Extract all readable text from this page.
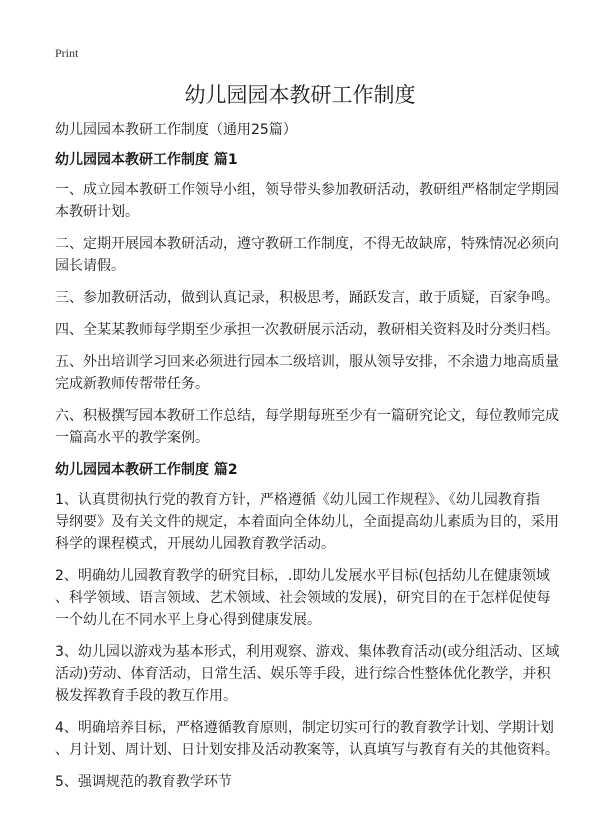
Print
幼儿园园本教研工作制度
幼儿园园本教研工作制度（通用25篇）
幼儿园园本教研工作制度 篇1
一、成立园本教研工作领导小组，领导带头参加教研活动，教研组严格制定学期园
本教研计划。
二、定期开展园本教研活动，遵守教研工作制度，不得无故缺席，特殊情况必须向
园长请假。
三、参加教研活动，做到认真记录，积极思考，踊跃发言，敢于质疑，百家争鸣。
四、全某某教师每学期至少承担一次教研展示活动，教研相关资料及时分类归档。
五、外出培训学习回来必须进行园本二级培训，服从领导安排，不余遗力地高质量
完成新教师传帮带任务。
六、积极撰写园本教研工作总结，每学期每班至少有一篇研究论文，每位教师完成
一篇高水平的教学案例。
幼儿园园本教研工作制度 篇2
1、认真贯彻执行党的教育方针，严格遵循《幼儿园工作规程》、《幼儿园教育指
导纲要》及有关文件的规定，本着面向全体幼儿，全面提高幼儿素质为目的，采用
科学的课程模式，开展幼儿园教育教学活动。
2、明确幼儿园教育教学的研究目标，.即幼儿发展水平目标(包括幼儿在健康领域
、科学领域、语言领域、艺术领域、社会领域的发展)，研究目的在于怎样促使每
一个幼儿在不同水平上身心得到健康发展。
3、幼儿园以游戏为基本形式，利用观察、游戏、集体教育活动(或分组活动、区域
活动)劳动、体育活动，日常生活、娱乐等手段，进行综合性整体优化教学，并积
极发挥教育手段的教互作用。
4、明确培养目标，严格遵循教育原则，制定切实可行的教育教学计划、学期计划
、月计划、周计划、日计划安排及活动教案等，认真填写与教育有关的其他资料。
5、强调规范的教育教学环节
